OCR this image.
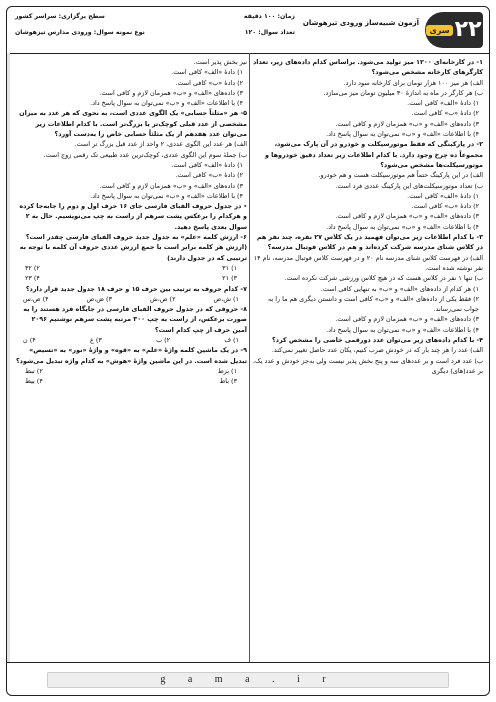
۲۲
سری
آزمون شبیه‌ساز ورودی تیزهوشان
زمان: ۱۰۰ دقیقه
سطح برگزاری: سراسر کشور
تعداد سوال: ۱۲۰
نوع نمونه سوال: ورودی مدارس تیزهوشان

۱- در کارخانه‌ای ۱۲۰۰ میز تولید می‌شود. براساس کدام داده‌های زیر، تعداد کارگرهای کارخانه مشخص می‌شود؟

الف) هر میز ۱۰۰ هزار تومان برای کارخانه سود دارد.

ب) هر کارگر در ماه به اندازهٔ ۳۰ میلیون تومان میز می‌سازد.

۱) دادهٔ «الف» کافی است.

۲) دادهٔ «ب» کافی است.

۳) داده‌های «الف» و «ب» همزمان لازم و کافی است.

۴) با اطلاعات «الف» و «ب» نمی‌توان به سوال پاسخ داد.

۲- در پارکینگی که فقط موتورسیکلت و خودرو در آن پارک می‌شود، مجموعاً ده چرخ وجود دارد. با کدام اطلاعات زیر تعداد دقیق خودروها و موتورسیکلت‌ها مشخص می‌شود؟

الف) در این پارکینگ حتماً هم موتورسیکلت هست و هم خودرو.

ب) تعداد موتورسیکلت‌های این پارکینگ عددی فرد است.

۱) دادهٔ «الف» کافی است.

۲) دادهٔ «ب» کافی است.

۳) داده‌های «الف» و «ب» همزمان لازم و کافی است.

۴) با اطلاعات «الف» و «ب» نمی‌توان به سوال پاسخ داد.

۳- با کدام اطلاعات زیر می‌توان فهمید در یک کلاس ۲۷ نفره، چند نفر هم در کلاس شنای مدرسه شرکت کرده‌اند و هم در کلاس فوتبال مدرسه؟

الف) در فهرست کلاس شنای مدرسه نام ۲۰ و در فهرست کلاس فوتبال مدرسه، نام ۱۴ نفر نوشته شده است.

ب) تنها ۱ نفر در کلاس هست که در هیچ کلاس ورزشی شرکت نکرده است.

۱) هر کدام از داده‌های «الف» و «ب» به تنهایی کافی است.

۲) فقط یکی از داده‌های «الف» و «ب» کافی است و دانستن دیگری هم ما را به جواب نمی‌رساند.

۳) داده‌های «الف» و «ب» همزمان لازم و کافی است.

۴) با اطلاعات «الف» و «ب» نمی‌توان به سوال پاسخ داد.

۴- با کدام داده‌های زیر می‌توان عدد دورقمی خاصی را مشخص کرد؟

الف) عدد را هر چند بار که در خودش ضرب کنیم، یکان عدد حاصل تغییر نمی‌کند.

ب) عدد فرد است و بر عددهای سه و پنج بخش پذیر نیست ولی به‌جز خودش و عدد یک، بر عدد(های) دیگری

نیز بخش پذیر است.

۱) دادهٔ «الف» کافی است.

۲) دادهٔ «ب» کافی است.

۳) داده‌های «الف» و «ب» همزمان لازم و کافی است.

۴) با اطلاعات «الف» و «ب» نمی‌توان به سوال پاسخ داد.

۵- هر «مثلثاً حسابی» یک الگوی عددی است، به نحوی که هر عدد به میزان مشخصی از عدد قبلی کوچک‌تر یا بزرگ‌تر است. با کدام اطلاعات زیر می‌توان عدد هفدهم از یک مثلثاً حسابی خاص را به‌دست آورد؟

الف) هر عدد این الگوی عددی، ۲ واحد از عدد قبل بزرگ تر است.

ب) جملهٔ سوم این الگوی عددی، کوچک‌ترین عدد طبیعی تک رقمی زوج است.

۱) دادهٔ «الف» کافی است.

۲) دادهٔ «ب» کافی است.

۳) داده‌های «الف» و «ب» همزمان لازم و کافی است.

۴) با اطلاعات «الف» و «ب» نمی‌توان به سوال پاسخ داد.

٭ در جدول حروف الفبای فارسی جای ۱۶ حرف اول و دوم را جابه‌جا کرده و هرکدام را برعکس پشت سرهم از راست به چپ می‌نویسیم. حال به ۲ سوال بعدی پاسخ دهید.

۶- ارزش کلمه «علم» به جدول جدید حروف الفبای فارسی چقدر است؟ (ارزش هر کلمه برابر است با جمع ارزش عددی حروف آن کلمه با توجه به ترتیبی که در جدول دارند)

۱) ۳۱
۲) ۳۲
۳) ۲۱
۴) ۲۳

۷- کدام حروف به ترتیب بین حرف ۱۵ و حرف ۱۸ جدول جدید قرار دارد؟

۱) ش،ص
۲) ص،ش
۳) ض،ص
۴) ص،س

۸- حروفی که در جدول حروف الفبای فارسی در جایگاه فرد هستند را به صورت برعکس، از راست به چپ ۳۰۰ مرتبه پشت سرهم نوشتیم ۲۰۹۶ آمین حرف از چپ کدام است؟

۱) ف
۲) ب
۳) ع
۴) ن

۹- در یک ماشین کلمه واژهٔ «علم» به «قوه» و واژهٔ «نور» به «تسیص» تبدیل شده است. در این ماشین واژهٔ «هوش» به کدام واژه تبدیل می‌شود؟

۱) بزط
۲) تبط
۳) باط
۴) بیط
g a m a . i r
